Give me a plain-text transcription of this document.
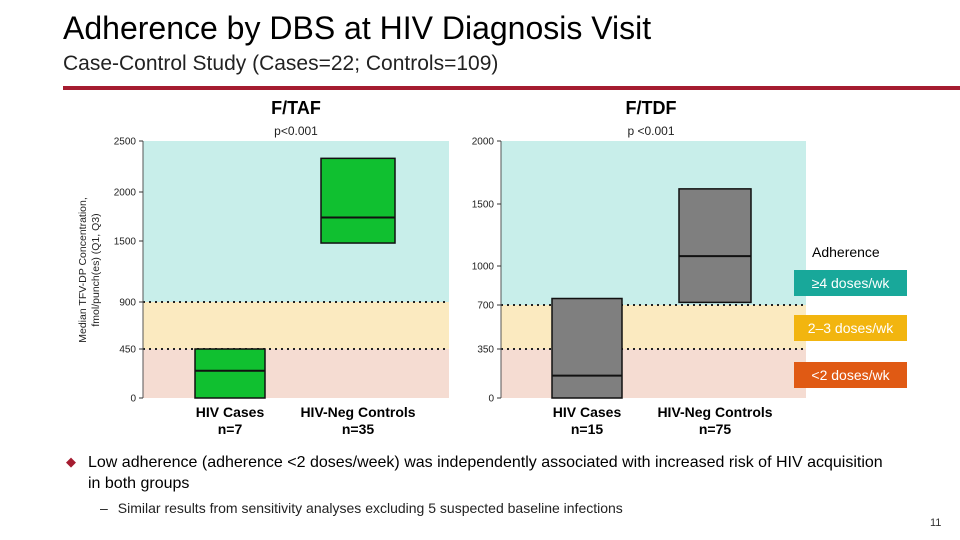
Adherence by DBS at HIV Diagnosis Visit
Case-Control Study (Cases=22; Controls=109)
0
450
900
1500
2000
2500
F/TAF
p<0.001
HIV Cases
n=7
HIV-Neg Controls
n=35
Median TFV-DP Concentration, fmol/punch(es) (Q1, Q3)
0
350
700
1000
1500
2000
F/TDF
p <0.001
HIV Cases
n=15
HIV-Neg Controls
n=75
Adherence
≥4 doses/wk
2–3 doses/wk
<2 doses/wk
◆ Low adherence (adherence <2 doses/week) was independently associated with increased risk of HIV acquisition in both groups
– Similar results from sensitivity analyses excluding 5 suspected baseline infections
11
